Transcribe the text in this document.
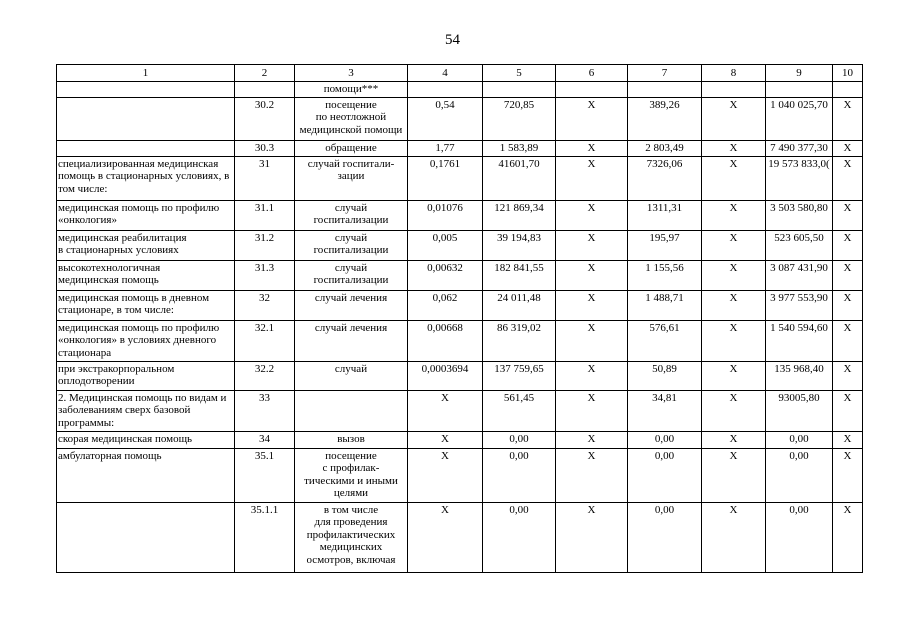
54
1	2	3	4	5	6	7	8	9	10
		помощи***							
	30.2	посещение
по неотложной
медицинской помощи	0,54	720,85	X	389,26	X	1 040 025,70	X
	30.3	обращение	1,77	1 583,89	X	2 803,49	X	7 490 377,30	X
специализированная медицинская помощь в стационарных условиях, в том числе:	31	случай госпитали-
зации	0,1761	41601,70	X	7326,06	X	19 573 833,0(	X
медицинская помощь по профилю «онкология»	31.1	случай
госпитализации	0,01076	121 869,34	X	1311,31	X	3 503 580,80	X
медицинская реабилитация
в стационарных условиях	31.2	случай
госпитализации	0,005	39 194,83	X	195,97	X	523 605,50	X
высокотехнологичная
медицинская помощь	31.3	случай
госпитализации	0,00632	182 841,55	X	1 155,56	X	3 087 431,90	X
медицинская помощь в дневном стационаре, в том числе:	32	случай лечения	0,062	24 011,48	X	1 488,71	X	3 977 553,90	X
медицинская помощь по профилю «онкология» в условиях дневного стационара	32.1	случай лечения	0,00668	86 319,02	X	576,61	X	1 540 594,60	X
при экстракорпоральном
оплодотворении	32.2	случай	0,0003694	137 759,65	X	50,89	X	135 968,40	X
2. Медицинская помощь по видам и заболеваниям сверх базовой программы:	33		X	561,45	X	34,81	X	93005,80	X
скорая медицинская помощь	34	вызов	X	0,00	X	0,00	X	0,00	X
амбулаторная помощь	35.1	посещение
с профилак-
тическими и иными
целями	X	0,00	X	0,00	X	0,00	X
	35.1.1	в том числе
для проведения
профилактических
медицинских
осмотров, включая	X	0,00	X	0,00	X	0,00	X
